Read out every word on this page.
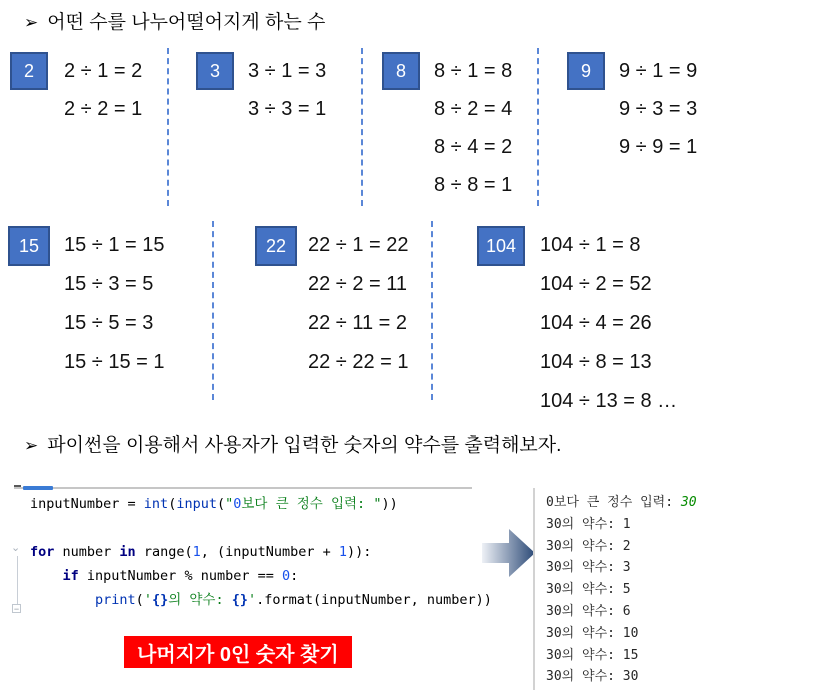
➢ 어떤 수를 나누어떨어지게 하는 수
2	2 ÷ 1 = 2
2 ÷ 2 = 1
3	3 ÷ 1 = 3
3 ÷ 3 = 1
8	8 ÷ 1 = 8
8 ÷ 2 = 4
8 ÷ 4 = 2
8 ÷ 8 = 1
9	9 ÷ 1 = 9
9 ÷ 3 = 3
9 ÷ 9 = 1
15	15 ÷ 1 = 15
15 ÷ 3 = 5
15 ÷ 5 = 3
15 ÷ 15 = 1
22	22 ÷ 1 = 22
22 ÷ 2 = 11
22 ÷ 11 = 2
22 ÷ 22 = 1
104	104 ÷ 1 = 8
104 ÷ 2 = 52
104 ÷ 4 = 26
104 ÷ 8 = 13
104 ÷ 13 = 8 …
➢ 파이썬을 이용해서 사용자가 입력한 숫자의 약수를 출력해보자.
⌄
−
inputNumber = int(input("0보다 큰 정수 입력: "))

for number in range(1, (inputNumber + 1)):
if inputNumber % number == 0:
print('{}의 약수: {}'.format(inputNumber, number))
나머지가 0인 숫자 찾기
0보다 큰 정수 입력: 30
30의 약수: 1
30의 약수: 2
30의 약수: 3
30의 약수: 5
30의 약수: 6
30의 약수: 10
30의 약수: 15
30의 약수: 30
